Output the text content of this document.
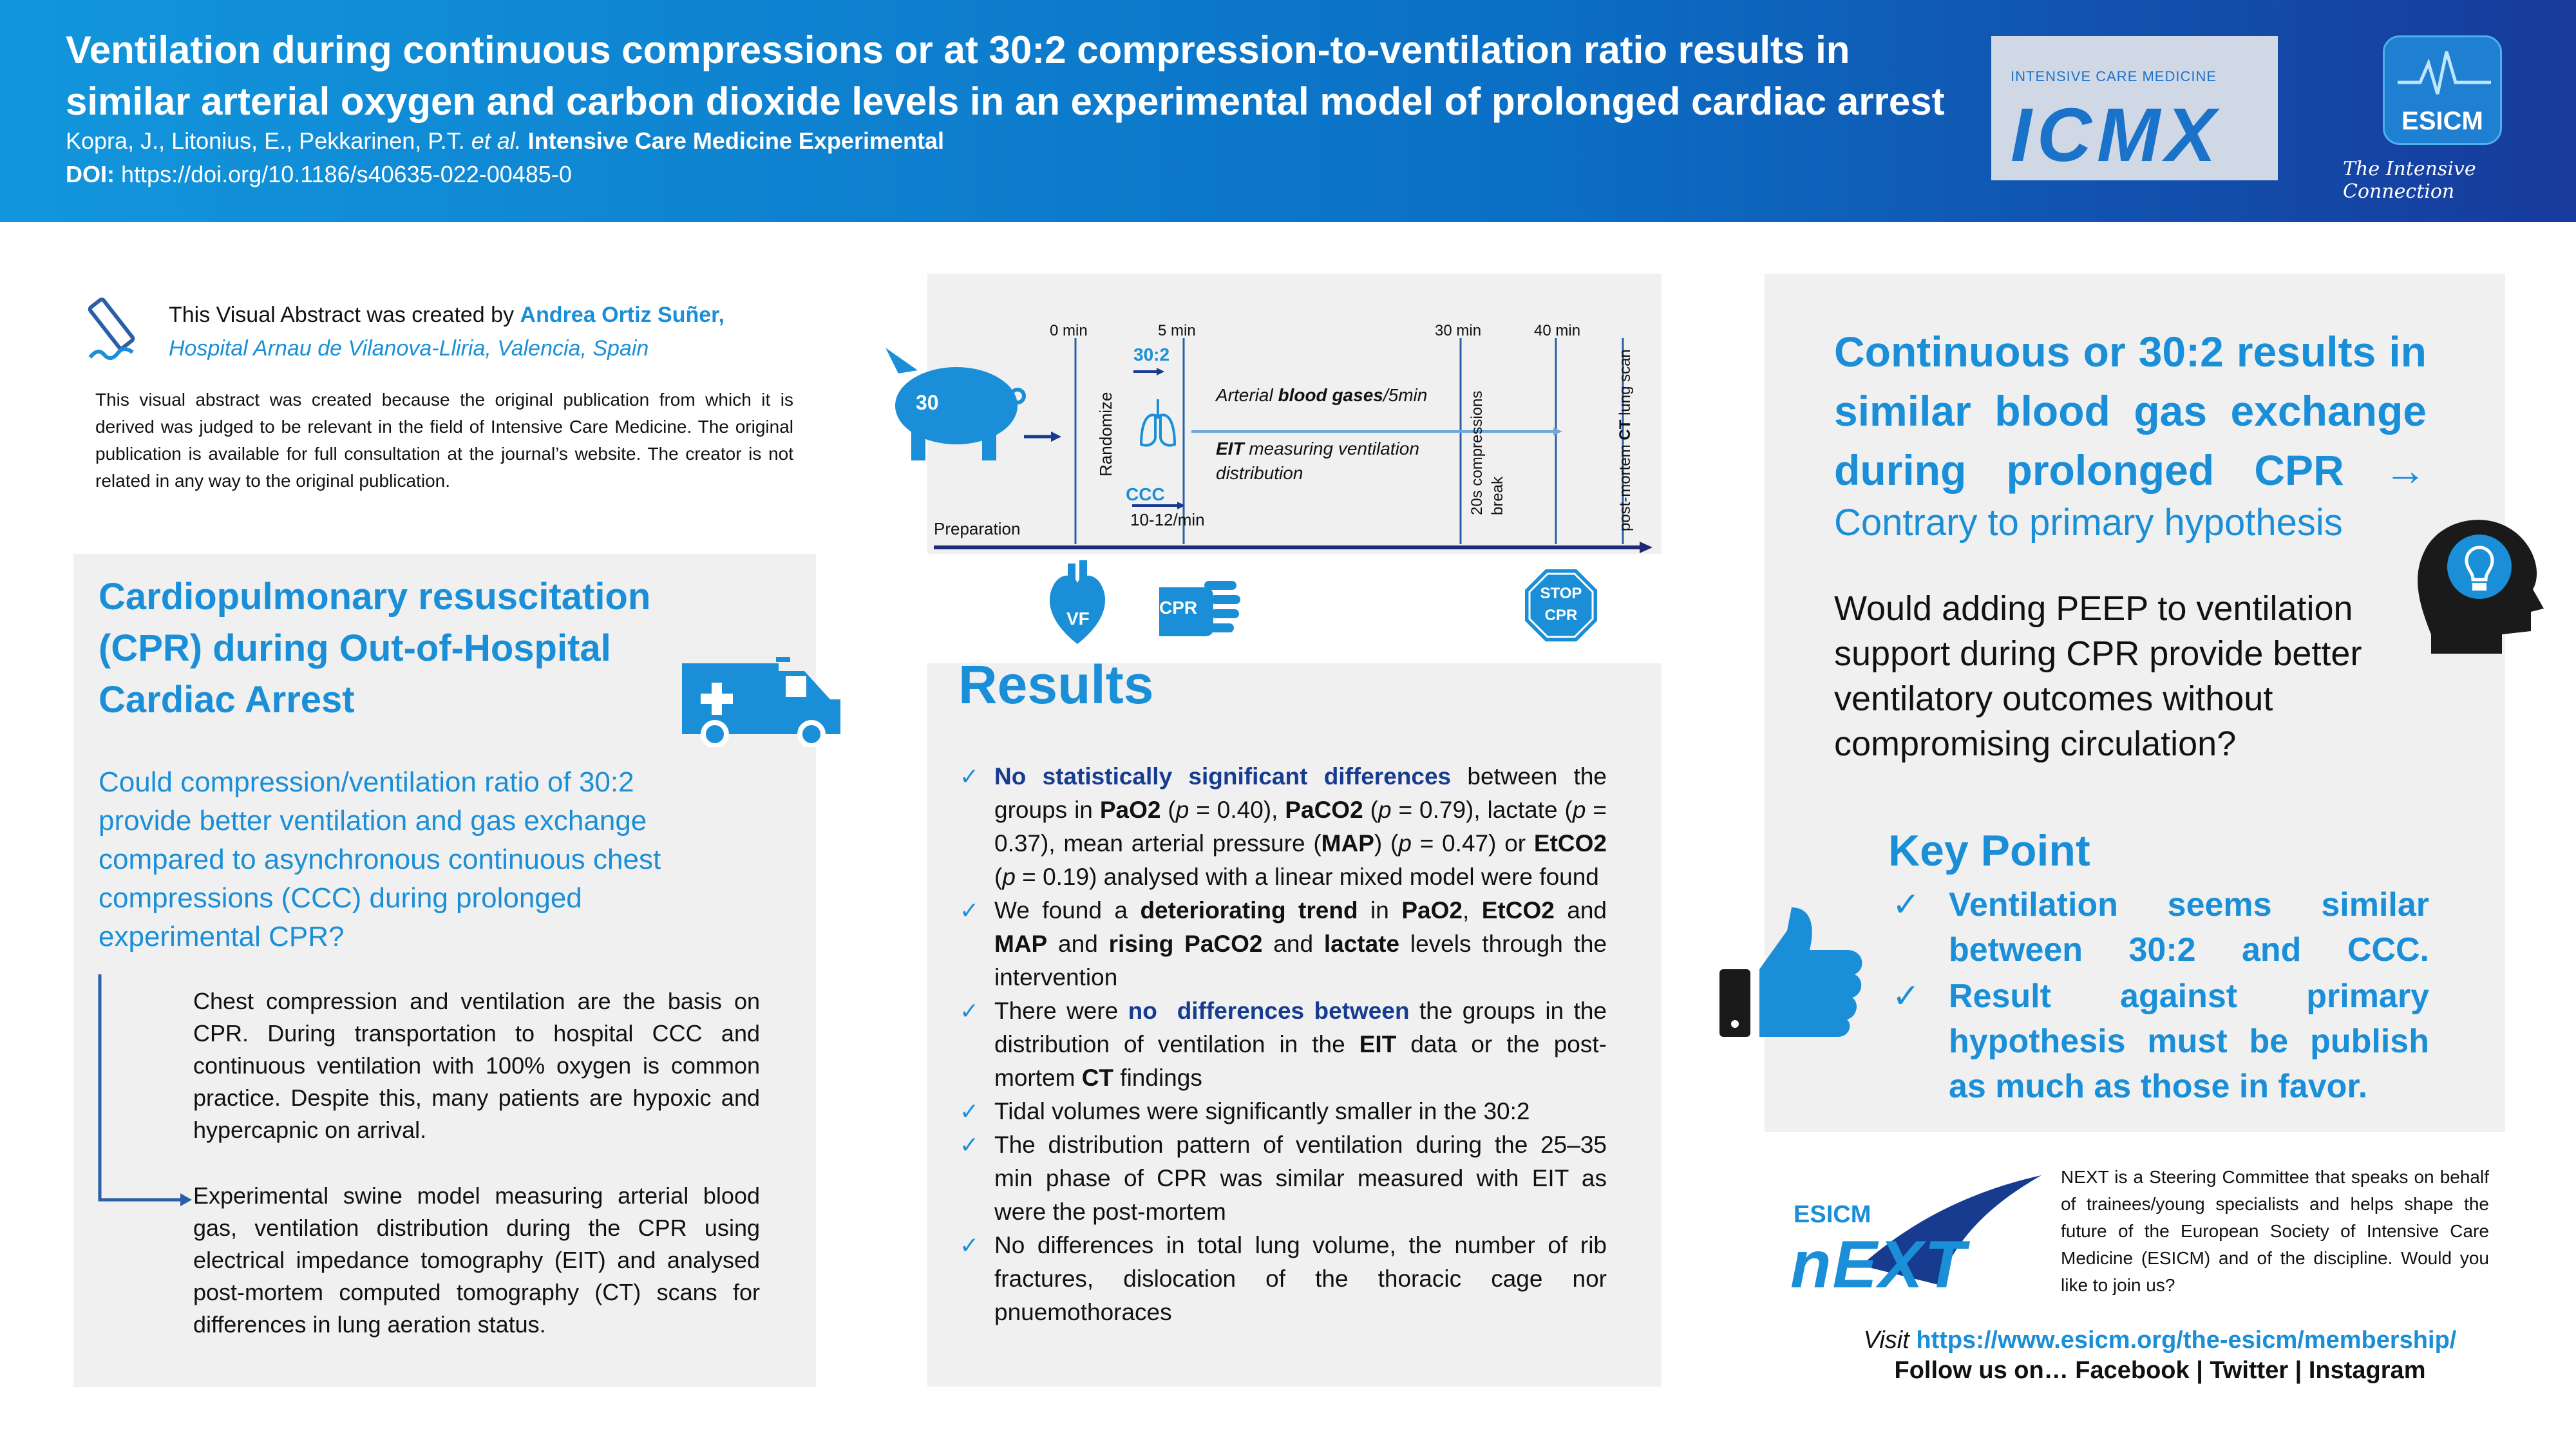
Ventilation during continuous compressions or at 30:2 compression-to-ventilation ratio results in similar arterial oxygen and carbon dioxide levels in an experimental model of prolonged cardiac arrest
Kopra, J., Litonius, E., Pekkarinen, P.T. et al. Intensive Care Medicine Experimental
DOI: https://doi.org/10.1186/s40635-022-00485-0
INTENSIVE CARE MEDICINE
ICMX	ESICM
The Intensive Connection
This Visual Abstract was created by Andrea Ortiz Suñer,
Hospital Arnau de Vilanova-Lliria, Valencia, Spain
This visual abstract was created because the original publication from which it is derived was judged to be relevant in the field of Intensive Care Medicine. The original publication is available for full consultation at the journal’s website. The creator is not related in any way to the original publication.
Cardiopulmonary resuscitation (CPR) during Out-of-Hospital Cardiac Arrest
Could compression/ventilation ratio of 30:2 provide better ventilation and gas exchange compared to asynchronous continuous chest compressions (CCC) during prolonged experimental CPR?
Chest compression and ventilation are the basis on CPR. During transportation to hospital CCC and continuous ventilation with 100% oxygen is common practice. Despite this, many patients are hypoxic and hypercapnic on arrival.
Experimental swine model measuring arterial blood gas, ventilation distribution during the CPR using electrical impedance tomography (EIT) and analysed post-mortem computed tomography (CT) scans for differences in lung aeration status.
30
0 min	5 min	30 min	40 min
30:2
Randomize
CCC
10-12/min
Arterial blood gases/5min
EIT measuring ventilation distribution	20s compressions break	post-mortem CT lung scan
Preparation
VF
CPR
STOP
CPR
Results
✓ No statistically significant differences between the groups in PaO2 (p = 0.40), PaCO2 (p = 0.79), lactate (p = 0.37), mean arterial pressure (MAP) (p = 0.47) or EtCO2 (p = 0.19) analysed with a linear mixed model were found
✓ We found a deteriorating trend in PaO2, EtCO2 and MAP and rising PaCO2 and lactate levels through the intervention
✓ There were no  differences between the groups in the distribution of ventilation in the EIT data or the post-mortem CT findings
✓ Tidal volumes were significantly smaller in the 30:2
✓ The distribution pattern of ventilation during the 25–35 min phase of CPR was similar measured with EIT as were the post-mortem
✓ No differences in total lung volume, the number of rib fractures, dislocation of the thoracic cage nor pnuemothoraces
Continuous or 30:2 results in similar blood gas exchange during prolonged CPR →
Contrary to primary hypothesis
Would adding PEEP to ventilation support during CPR provide better ventilatory outcomes without compromising circulation?
Key Point
✓ Ventilation seems similar between 30:2 and CCC.
✓ Result against primary hypothesis must be publish as much as those in favor.
ESICM
nEXT
NEXT is a Steering Committee that speaks on behalf of trainees/young specialists and helps shape the future of the European Society of Intensive Care Medicine (ESICM) and of the discipline. Would you like to join us?
Visit https://www.esicm.org/the-esicm/membership/
Follow us on… Facebook | Twitter | Instagram
